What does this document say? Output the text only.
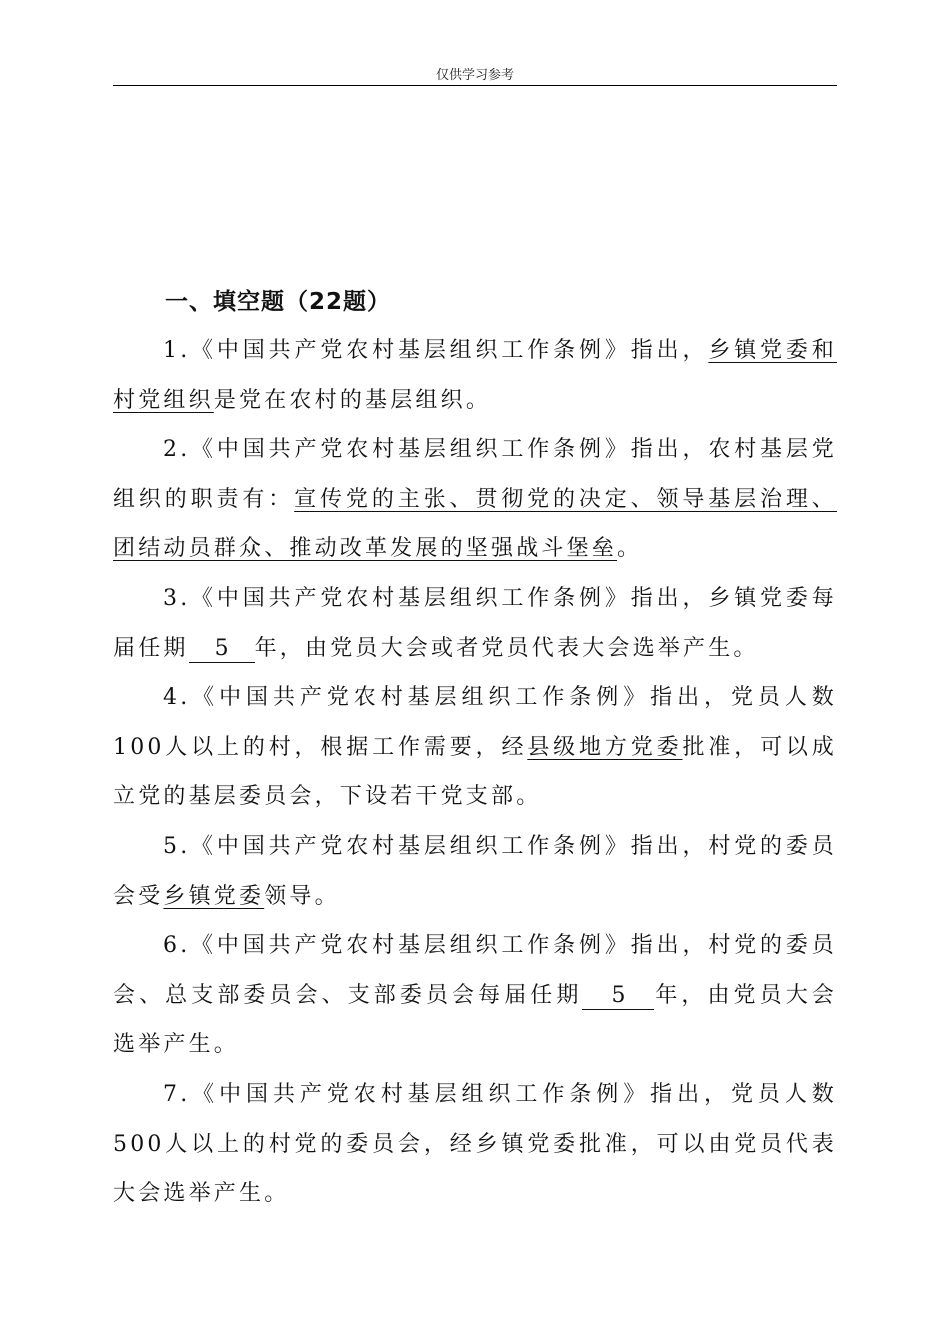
仅供学习参考
一、填空题（22题）

1.《中国共产党农村基层组织工作条例》指出，乡镇党委和村党组织是党在农村的基层组织。

2.《中国共产党农村基层组织工作条例》指出，农村基层党组织的职责有：宣传党的主张、贯彻党的决定、领导基层治理、团结动员群众、推动改革发展的坚强战斗堡垒。

3.《中国共产党农村基层组织工作条例》指出，乡镇党委每届任期 5 年，由党员大会或者党员代表大会选举产生。

4.《中国共产党农村基层组织工作条例》指出，党员人数100人以上的村，根据工作需要，经县级地方党委批准，可以成立党的基层委员会，下设若干党支部。

5.《中国共产党农村基层组织工作条例》指出，村党的委员会受乡镇党委领导。

6.《中国共产党农村基层组织工作条例》指出，村党的委员会、总支部委员会、支部委员会每届任期 5 年，由党员大会选举产生。

7.《中国共产党农村基层组织工作条例》指出，党员人数500人以上的村党的委员会，经乡镇党委批准，可以由党员代表大会选举产生。
